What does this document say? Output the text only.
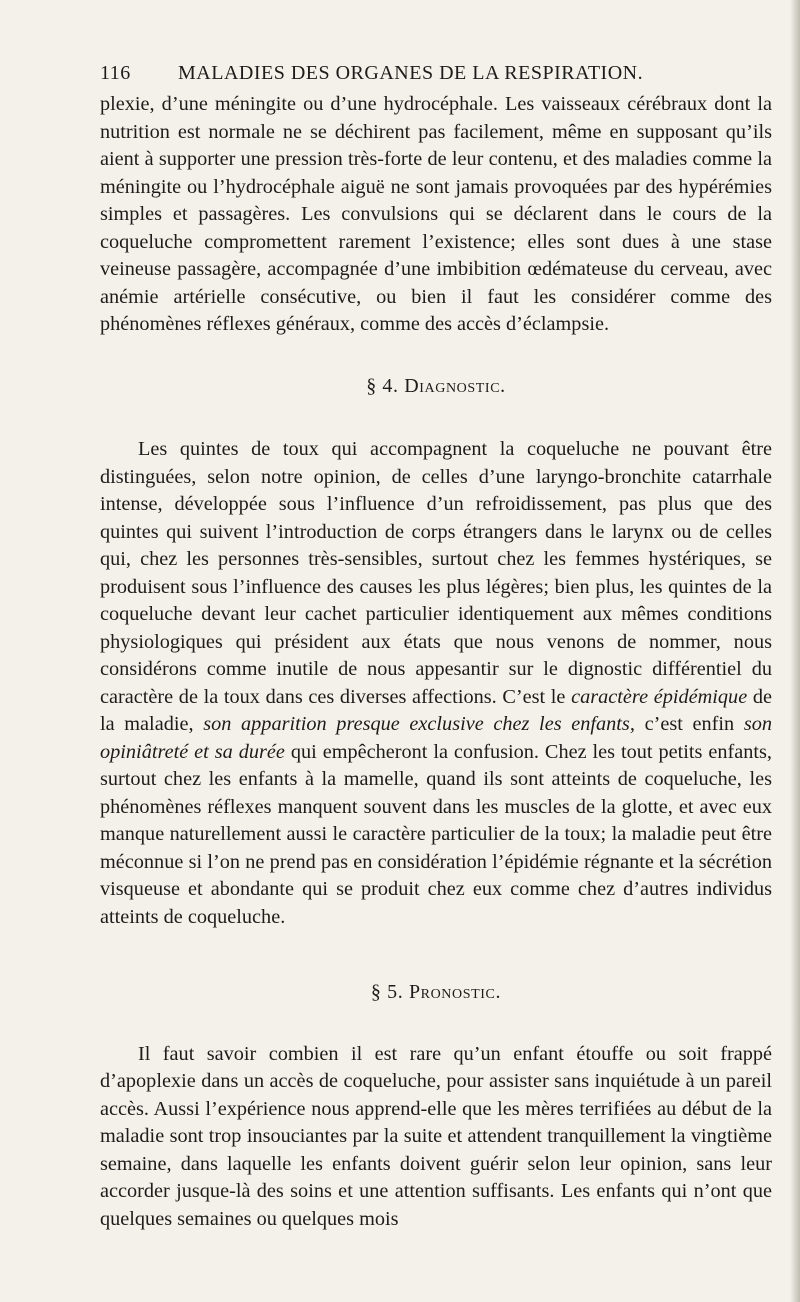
116 MALADIES DES ORGANES DE LA RESPIRATION.

plexie, d’une méningite ou d’une hydrocéphale. Les vaisseaux cérébraux dont la nutrition est normale ne se déchirent pas facilement, même en supposant qu’ils aient à supporter une pression très-forte de leur contenu, et des maladies comme la méningite ou l’hydrocéphale aiguë ne sont jamais provoquées par des hypérémies simples et passagères. Les convulsions qui se déclarent dans le cours de la coqueluche compromettent rarement l’existence; elles sont dues à une stase veineuse passagère, accompagnée d’une imbibition œdémateuse du cerveau, avec anémie artérielle consécutive, ou bien il faut les considérer comme des phénomènes réflexes généraux, comme des accès d’éclampsie.

§ 4. Diagnostic.

Les quintes de toux qui accompagnent la coqueluche ne pouvant être distinguées, selon notre opinion, de celles d’une laryngo-bronchite catarrhale intense, développée sous l’influence d’un refroidissement, pas plus que des quintes qui suivent l’introduction de corps étrangers dans le larynx ou de celles qui, chez les personnes très-sensibles, surtout chez les femmes hystériques, se produisent sous l’influence des causes les plus légères; bien plus, les quintes de la coqueluche devant leur cachet particulier identiquement aux mêmes conditions physiologiques qui président aux états que nous venons de nommer, nous considérons comme inutile de nous appesantir sur le dignostic différentiel du caractère de la toux dans ces diverses affections. C’est le caractère épidémique de la maladie, son apparition presque exclusive chez les enfants, c’est enfin son opiniâtreté et sa durée qui empêcheront la confusion. Chez les tout petits enfants, surtout chez les enfants à la mamelle, quand ils sont atteints de coqueluche, les phénomènes réflexes manquent souvent dans les muscles de la glotte, et avec eux manque naturellement aussi le caractère particulier de la toux; la maladie peut être méconnue si l’on ne prend pas en considération l’épidémie régnante et la sécrétion visqueuse et abondante qui se produit chez eux comme chez d’autres individus atteints de coqueluche.

§ 5. Pronostic.

Il faut savoir combien il est rare qu’un enfant étouffe ou soit frappé d’apoplexie dans un accès de coqueluche, pour assister sans inquiétude à un pareil accès. Aussi l’expérience nous apprend-elle que les mères terrifiées au début de la maladie sont trop insouciantes par la suite et attendent tranquillement la vingtième semaine, dans laquelle les enfants doivent guérir selon leur opinion, sans leur accorder jusque-là des soins et une attention suffisants. Les enfants qui n’ont que quelques semaines ou quelques mois
